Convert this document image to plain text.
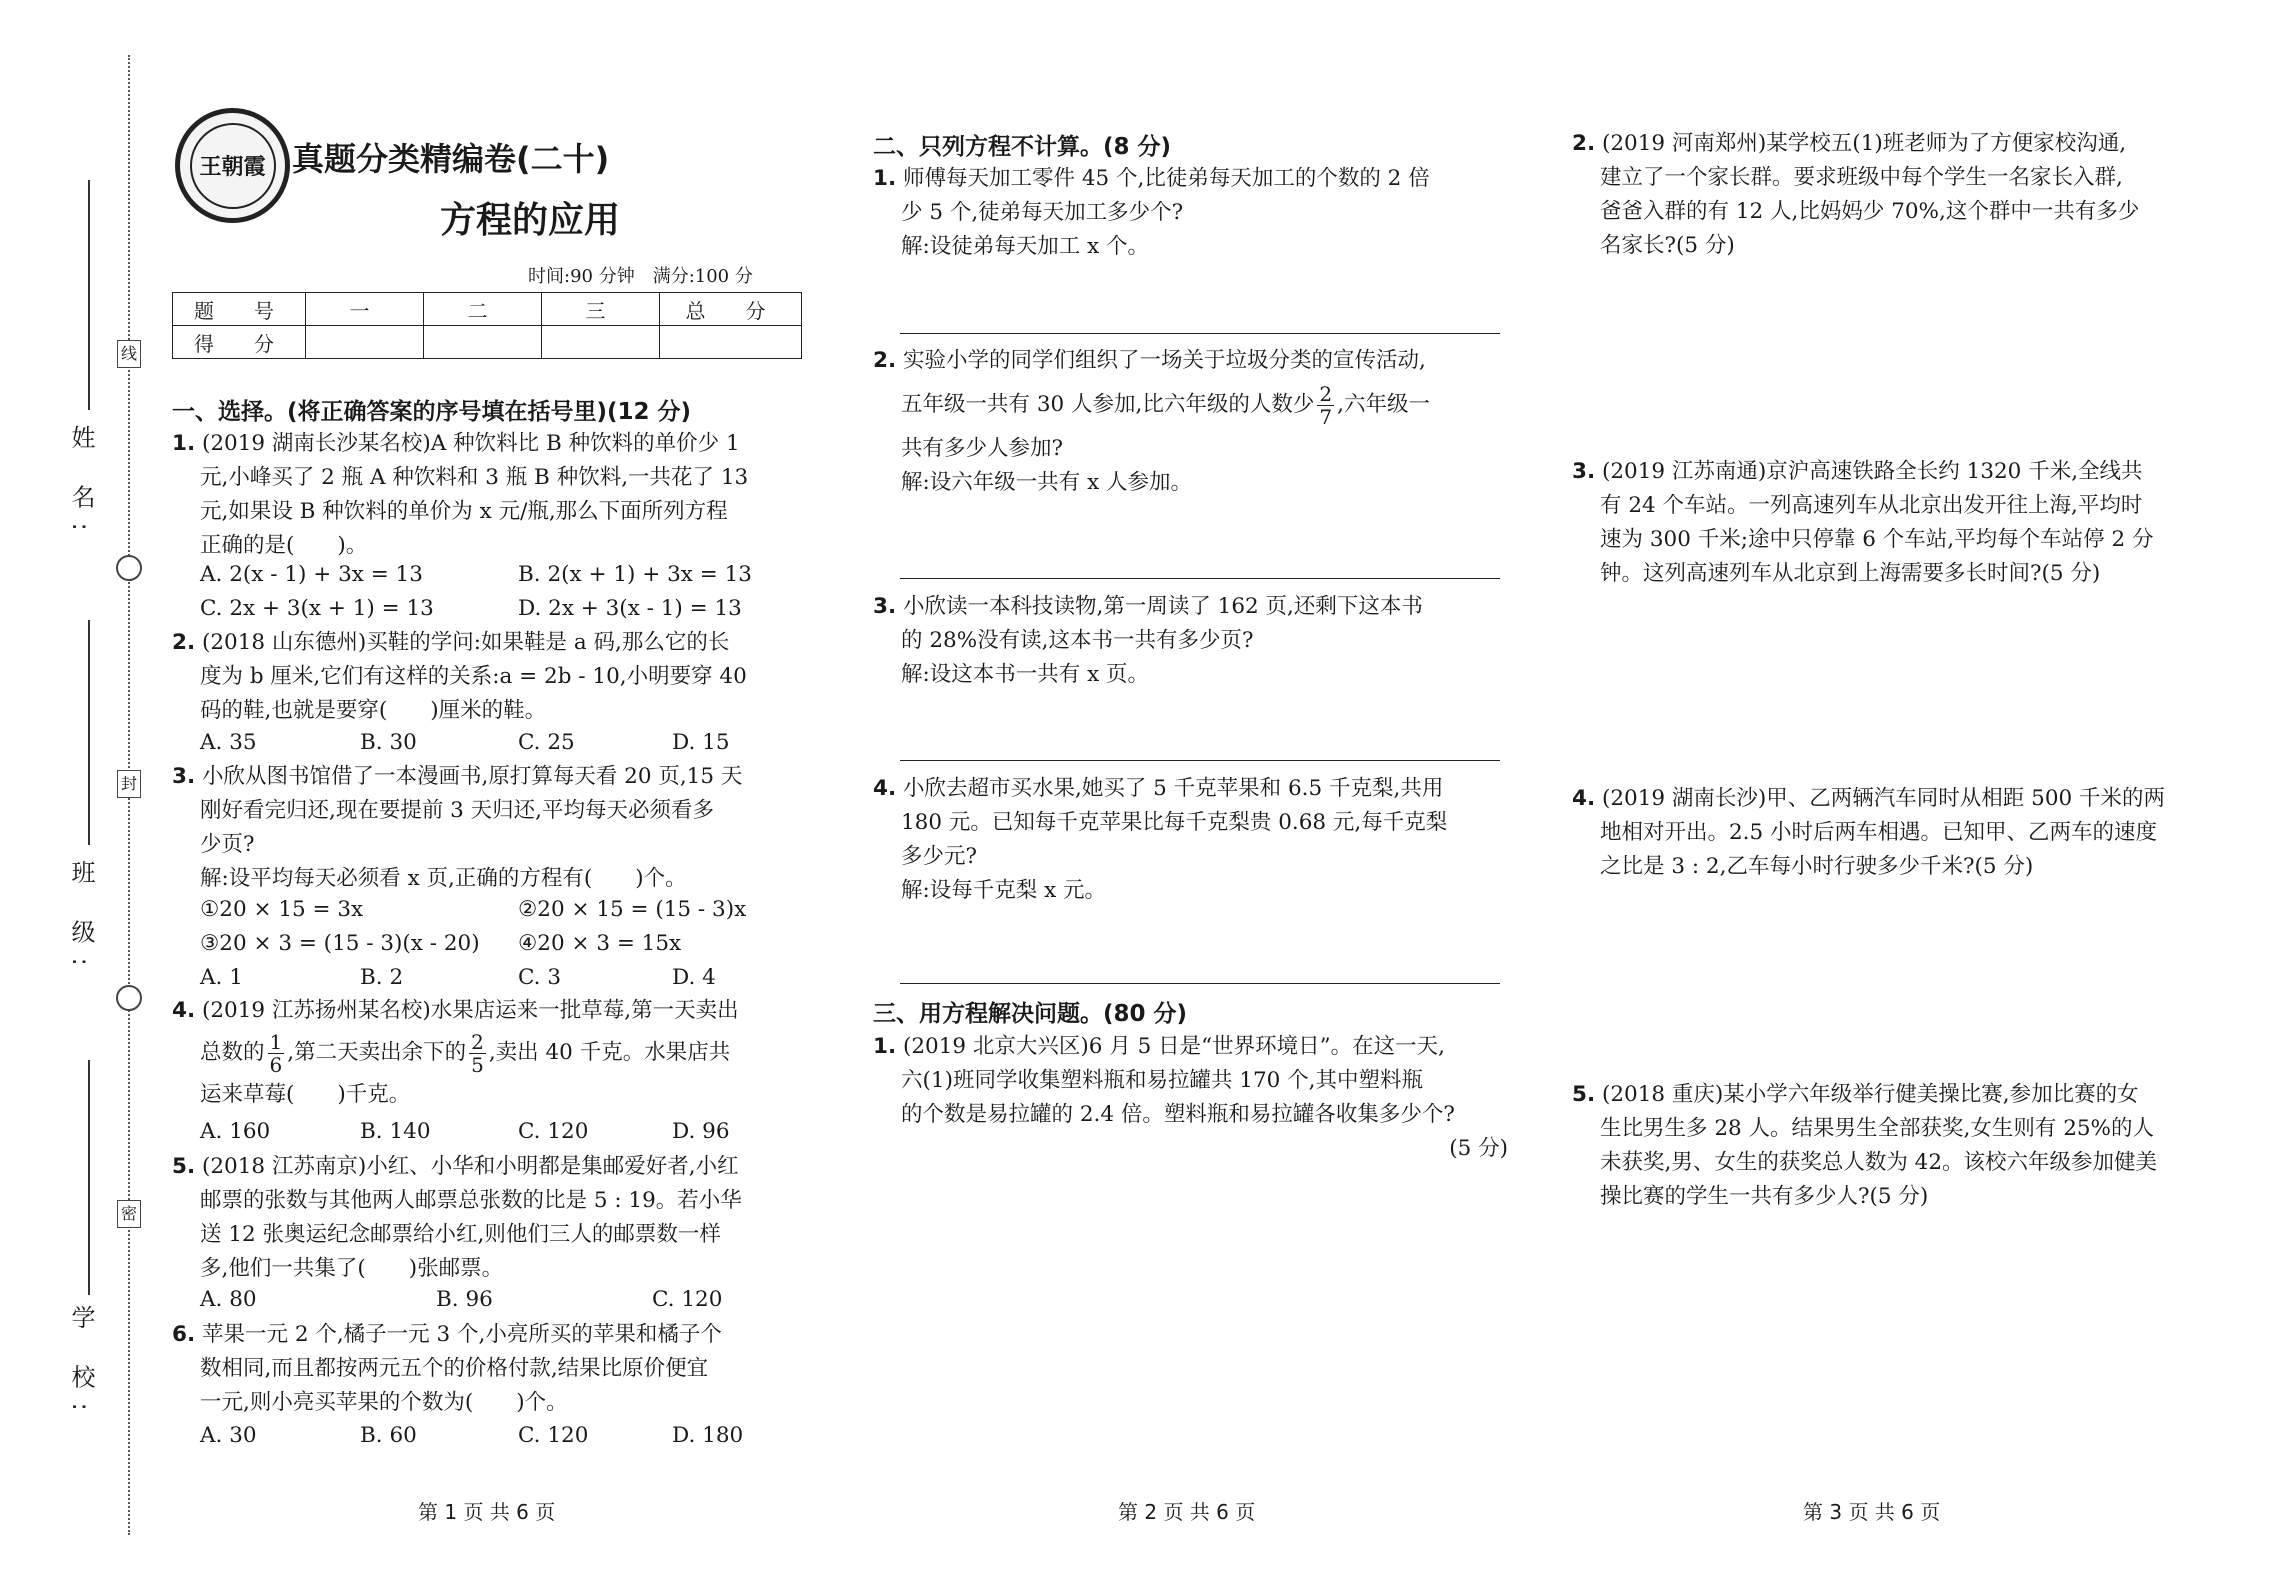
姓 名:
班 级:
学 校:
线
封
密
王朝霞 真题分类精编卷(二十)
方程的应用
时间:90 分钟　满分:100 分
题　号	一	二	三	总　分
得　分				
一、选择。(将正确答案的序号填在括号里)(12 分)
1. (2019 湖南长沙某名校)A 种饮料比 B 种饮料的单价少 1
元,小峰买了 2 瓶 A 种饮料和 3 瓶 B 种饮料,一共花了 13
元,如果设 B 种饮料的单价为 x 元/瓶,那么下面所列方程
正确的是(　　)。
A. 2(x - 1) + 3x = 13	B. 2(x + 1) + 3x = 13
C. 2x + 3(x + 1) = 13	D. 2x + 3(x - 1) = 13
2. (2018 山东德州)买鞋的学问:如果鞋是 a 码,那么它的长
度为 b 厘米,它们有这样的关系:a = 2b - 10,小明要穿 40
码的鞋,也就是要穿(　　)厘米的鞋。
A. 35	B. 30	C. 25	D. 15
3. 小欣从图书馆借了一本漫画书,原打算每天看 20 页,15 天
刚好看完归还,现在要提前 3 天归还,平均每天必须看多
少页?
解:设平均每天必须看 x 页,正确的方程有(　　)个。
①20 × 15 = 3x	②20 × 15 = (15 - 3)x
③20 × 3 = (15 - 3)(x - 20) ④20 × 3 = 15x
A. 1	B. 2	C. 3	D. 4
4. (2019 江苏扬州某名校)水果店运来一批草莓,第一天卖出
总数的 $\frac{1}{6}$ ,第二天卖出余下的 $\frac{2}{5}$ ,卖出 40 千克。水果店共
运来草莓(　　)千克。
A. 160	B. 140	C. 120	D. 96
5. (2018 江苏南京)小红、小华和小明都是集邮爱好者,小红
邮票的张数与其他两人邮票总张数的比是 5 : 19。若小华
送 12 张奥运纪念邮票给小红,则他们三人的邮票数一样
多,他们一共集了(　　)张邮票。
A. 80	B. 96	C. 120
6. 苹果一元 2 个,橘子一元 3 个,小亮所买的苹果和橘子个
数相同,而且都按两元五个的价格付款,结果比原价便宜
一元,则小亮买苹果的个数为(　　)个。
A. 30	B. 60	C. 120	D. 180
二、只列方程不计算。(8 分)
1. 师傅每天加工零件 45 个,比徒弟每天加工的个数的 2 倍
少 5 个,徒弟每天加工多少个?
解:设徒弟每天加工 x 个。
2. 实验小学的同学们组织了一场关于垃圾分类的宣传活动,
五年级一共有 30 人参加,比六年级的人数少 $\frac{2}{7}$ ,六年级一
共有多少人参加?
解:设六年级一共有 x 人参加。
3. 小欣读一本科技读物,第一周读了 162 页,还剩下这本书
的 28%没有读,这本书一共有多少页?
解:设这本书一共有 x 页。
4. 小欣去超市买水果,她买了 5 千克苹果和 6.5 千克梨,共用
180 元。已知每千克苹果比每千克梨贵 0.68 元,每千克梨
多少元?
解:设每千克梨 x 元。
三、用方程解决问题。(80 分)
1. (2019 北京大兴区)6 月 5 日是“世界环境日”。在这一天,
六(1)班同学收集塑料瓶和易拉罐共 170 个,其中塑料瓶
的个数是易拉罐的 2.4 倍。塑料瓶和易拉罐各收集多少个?
(5 分)
2. (2019 河南郑州)某学校五(1)班老师为了方便家校沟通,
建立了一个家长群。要求班级中每个学生一名家长入群,
爸爸入群的有 12 人,比妈妈少 70%,这个群中一共有多少
名家长?(5 分)
3. (2019 江苏南通)京沪高速铁路全长约 1320 千米,全线共
有 24 个车站。一列高速列车从北京出发开往上海,平均时
速为 300 千米;途中只停靠 6 个车站,平均每个车站停 2 分
钟。这列高速列车从北京到上海需要多长时间?(5 分)
4. (2019 湖南长沙)甲、乙两辆汽车同时从相距 500 千米的两
地相对开出。2.5 小时后两车相遇。已知甲、乙两车的速度
之比是 3 : 2,乙车每小时行驶多少千米?(5 分)
5. (2018 重庆)某小学六年级举行健美操比赛,参加比赛的女
生比男生多 28 人。结果男生全部获奖,女生则有 25%的人
未获奖,男、女生的获奖总人数为 42。该校六年级参加健美
操比赛的学生一共有多少人?(5 分)
第 1 页 共 6 页	第 2 页 共 6 页	第 3 页 共 6 页
